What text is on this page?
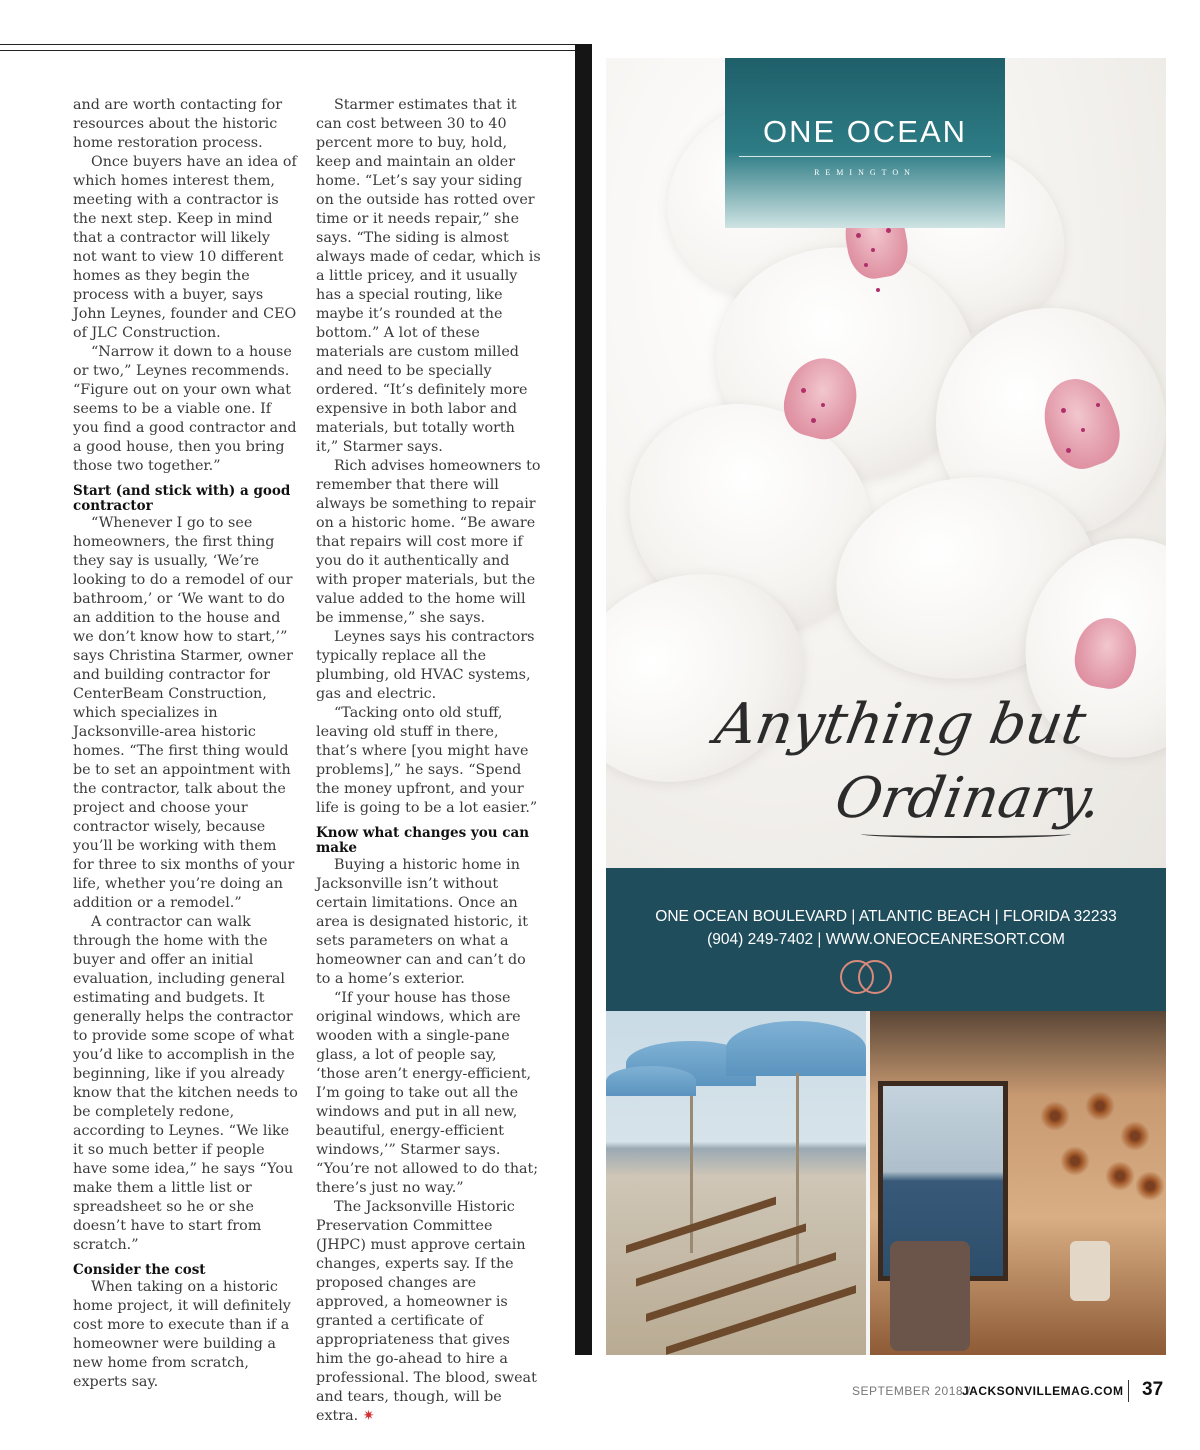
and are worth contacting for resources about the historic home restoration process.

Once buyers have an idea of which homes interest them, meeting with a contractor is the next step. Keep in mind that a contractor will likely not want to view 10 different homes as they begin the process with a buyer, says John Leynes, founder and CEO of JLC Construction.

“Narrow it down to a house or two,” Leynes recommends. “Figure out on your own what seems to be a viable one. If you find a good contractor and a good house, then you bring those two together.”

Start (and stick with) a good contractor

“Whenever I go to see homeowners, the first thing they say is usually, ‘We’re looking to do a remodel of our bathroom,’ or ‘We want to do an addition to the house and we don’t know how to start,’” says Christina Starmer, owner and building contractor for CenterBeam Construction, which specializes in Jacksonville-area historic homes. “The first thing would be to set an appointment with the contractor, talk about the project and choose your contractor wisely, because you’ll be working with them for three to six months of your life, whether you’re doing an addition or a remodel.”

A contractor can walk through the home with the buyer and offer an initial evaluation, including general estimating and budgets. It generally helps the contractor to provide some scope of what you’d like to accomplish in the beginning, like if you already know that the kitchen needs to be completely redone, according to Leynes. “We like it so much better if people have some idea,” he says “You make them a little list or spreadsheet so he or she doesn’t have to start from scratch.”

Consider the cost

When taking on a historic home project, it will definitely cost more to execute than if a homeowner were building a new home from scratch, experts say.

Starmer estimates that it can cost between 30 to 40 percent more to buy, hold, keep and maintain an older home. “Let’s say your siding on the outside has rotted over time or it needs repair,” she says. “The siding is almost always made of cedar, which is a little pricey, and it usually has a special routing, like maybe it’s rounded at the bottom.” A lot of these materials are custom milled and need to be specially ordered. “It’s definitely more expensive in both labor and materials, but totally worth it,” Starmer says.

Rich advises homeowners to remember that there will always be something to repair on a historic home. “Be aware that repairs will cost more if you do it authentically and with proper materials, but the value added to the home will be immense,” she says.

Leynes says his contractors typically replace all the plumbing, old HVAC systems, gas and electric.

“Tacking onto old stuff, leaving old stuff in there, that’s where [you might have problems],” he says. “Spend the money upfront, and your life is going to be a lot easier.”

Know what changes you can make

Buying a historic home in Jacksonville isn’t without certain limitations. Once an area is designated historic, it sets parameters on what a homeowner can and can’t do to a home’s exterior.

“If your house has those original windows, which are wooden with a single-pane glass, a lot of people say, ‘those aren’t energy-efficient, I’m going to take out all the windows and put in all new, beautiful, energy-efficient windows,’” Starmer says. “You’re not allowed to do that; there’s just no way.”

The Jacksonville Historic Preservation Committee (JHPC) must approve certain changes, experts say. If the proposed changes are approved, a homeowner is granted a certificate of appropriateness that gives him the go-ahead to hire a professional. The blood, sweat and tears, though, will be extra. ✷

ONE OCEAN
REMINGTON
Anything but
Ordinary.
ONE OCEAN BOULEVARD | ATLANTIC BEACH | FLORIDA 32233
(904) 249-7402 | WWW.ONEOCEANRESORT.COM
SEPTEMBER 2018 /
JACKSONVILLEMAG.COM 37
